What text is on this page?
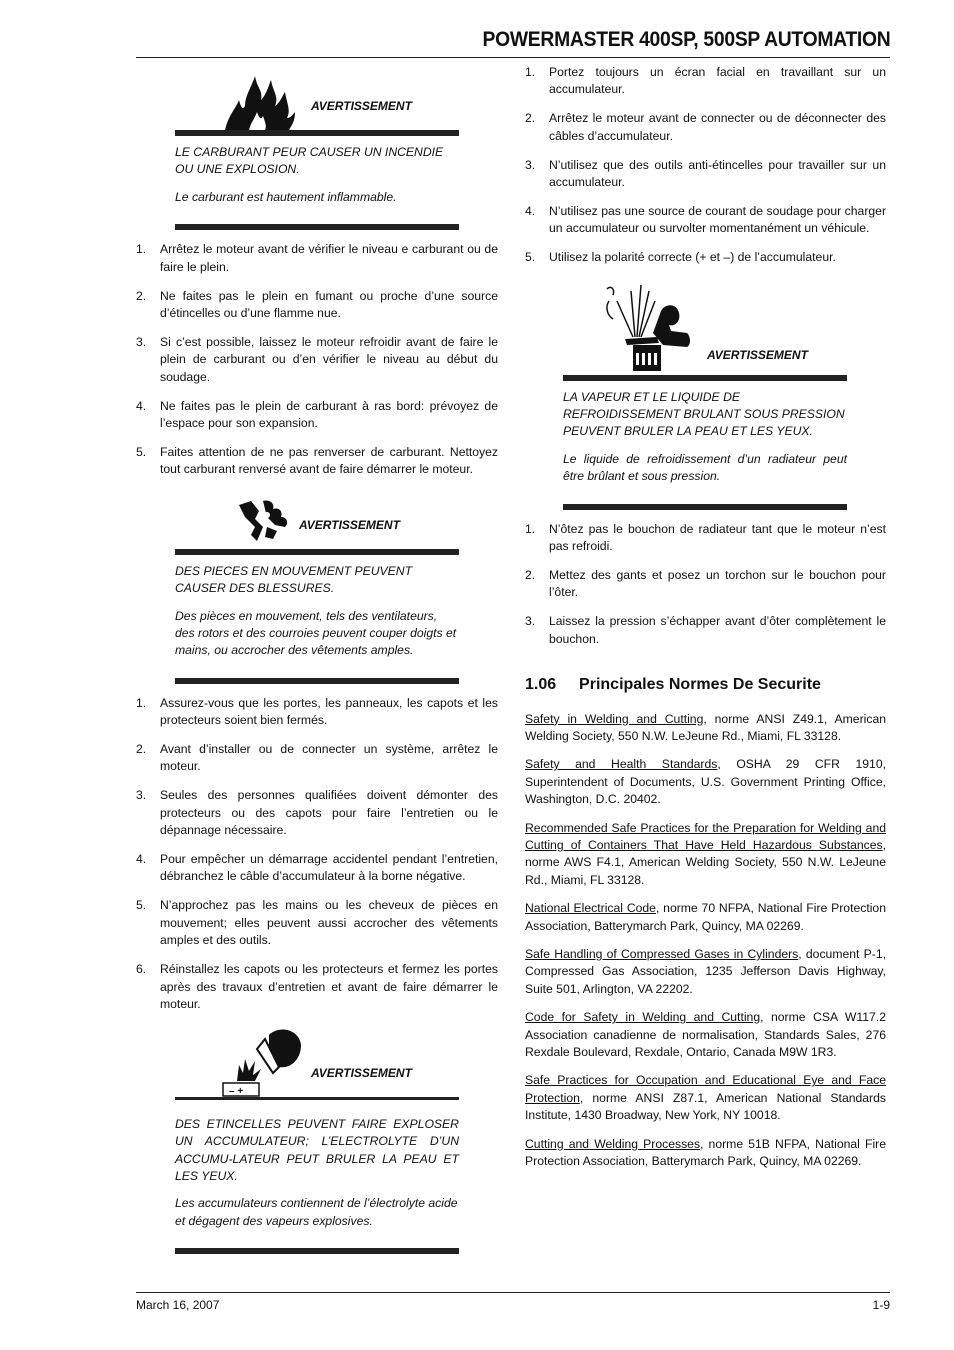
POWERMASTER 400SP, 500SP AUTOMATION
AVERTISSEMENT

LE CARBURANT PEUR CAUSER UN INCENDIE OU UNE EXPLOSION.

Le carburant est hautement inflammable.

1. Arrêtez le moteur avant de vérifier le niveau e carburant ou de faire le plein.
2. Ne faites pas le plein en fumant ou proche d’une source d’étincelles ou d’une flamme nue.
3. Si c’est possible, laissez le moteur refroidir avant de faire le plein de carburant ou d’en vérifier le niveau au début du soudage.
4. Ne faites pas le plein de carburant à ras bord: prévoyez de l’espace pour son expansion.
5. Faites attention de ne pas renverser de carburant. Nettoyez tout carburant renversé avant de faire démarrer le moteur.
AVERTISSEMENT

DES PIECES EN MOUVEMENT PEUVENT CAUSER DES BLESSURES.

Des pièces en mouvement, tels des ventilateurs, des rotors et des courroies peuvent couper doigts et mains, ou accrocher des vêtements amples.

1. Assurez-vous que les portes, les panneaux, les capots et les protecteurs soient bien fermés.
2. Avant d’installer ou de connecter un système, arrêtez le moteur.
3. Seules des personnes qualifiées doivent démonter des protecteurs ou des capots pour faire l’entretien ou le dépannage nécessaire.
4. Pour empêcher un démarrage accidentel pendant l’entretien, débranchez le câble d’accumulateur à la borne négative.
5. N’approchez pas les mains ou les cheveux de pièces en mouvement; elles peuvent aussi accrocher des vêtements amples et des outils.
6. Réinstallez les capots ou les protecteurs et fermez les portes après des travaux d’entretien et avant de faire démarrer le moteur.
– +
AVERTISSEMENT

DES ETINCELLES PEUVENT FAIRE EXPLOSER UN ACCUMULATEUR; L’ELECTROLYTE D’UN ACCUMU-LATEUR PEUT BRULER LA PEAU ET LES YEUX.

Les accumulateurs contiennent de l’électrolyte acide et dégagent des vapeurs explosives.

1. Portez toujours un écran facial en travaillant sur un accumulateur.
2. Arrêtez le moteur avant de connecter ou de déconnecter des câbles d’accumulateur.
3. N’utilisez que des outils anti-étincelles pour travailler sur un accumulateur.
4. N’utilisez pas une source de courant de soudage pour charger un accumulateur ou survolter momentanément un véhicule.
5. Utilisez la polarité correcte (+ et –) de l’accumulateur.
AVERTISSEMENT

LA VAPEUR ET LE LIQUIDE DE REFROIDISSEMENT BRULANT SOUS PRESSION PEUVENT BRULER LA PEAU ET LES YEUX.

Le liquide de refroidissement d’un radiateur peut être brûlant et sous pression.

1. N’ôtez pas le bouchon de radiateur tant que le moteur n’est pas refroidi.
2. Mettez des gants et posez un torchon sur le bouchon pour l’ôter.
3. Laissez la pression s’échapper avant d’ôter complètement le bouchon.
1.06 Principales Normes De Securite

Safety in Welding and Cutting, norme ANSI Z49.1, American Welding Society, 550 N.W. LeJeune Rd., Miami, FL 33128.

Safety and Health Standards, OSHA 29 CFR 1910, Superintendent of Documents, U.S. Government Printing Office, Washington, D.C. 20402.

Recommended Safe Practices for the Preparation for Welding and Cutting of Containers That Have Held Hazardous Substances, norme AWS F4.1, American Welding Society, 550 N.W. LeJeune Rd., Miami, FL 33128.

National Electrical Code, norme 70 NFPA, National Fire Protection Association, Batterymarch Park, Quincy, MA 02269.

Safe Handling of Compressed Gases in Cylinders, document P-1, Compressed Gas Association, 1235 Jefferson Davis Highway, Suite 501, Arlington, VA 22202.

Code for Safety in Welding and Cutting, norme CSA W117.2 Association canadienne de normalisation, Standards Sales, 276 Rexdale Boulevard, Rexdale, Ontario, Canada M9W 1R3.

Safe Practices for Occupation and Educational Eye and Face Protection, norme ANSI Z87.1, American National Standards Institute, 1430 Broadway, New York, NY 10018.

Cutting and Welding Processes, norme 51B NFPA, National Fire Protection Association, Batterymarch Park, Quincy, MA 02269.

March 16, 2007	1-9
